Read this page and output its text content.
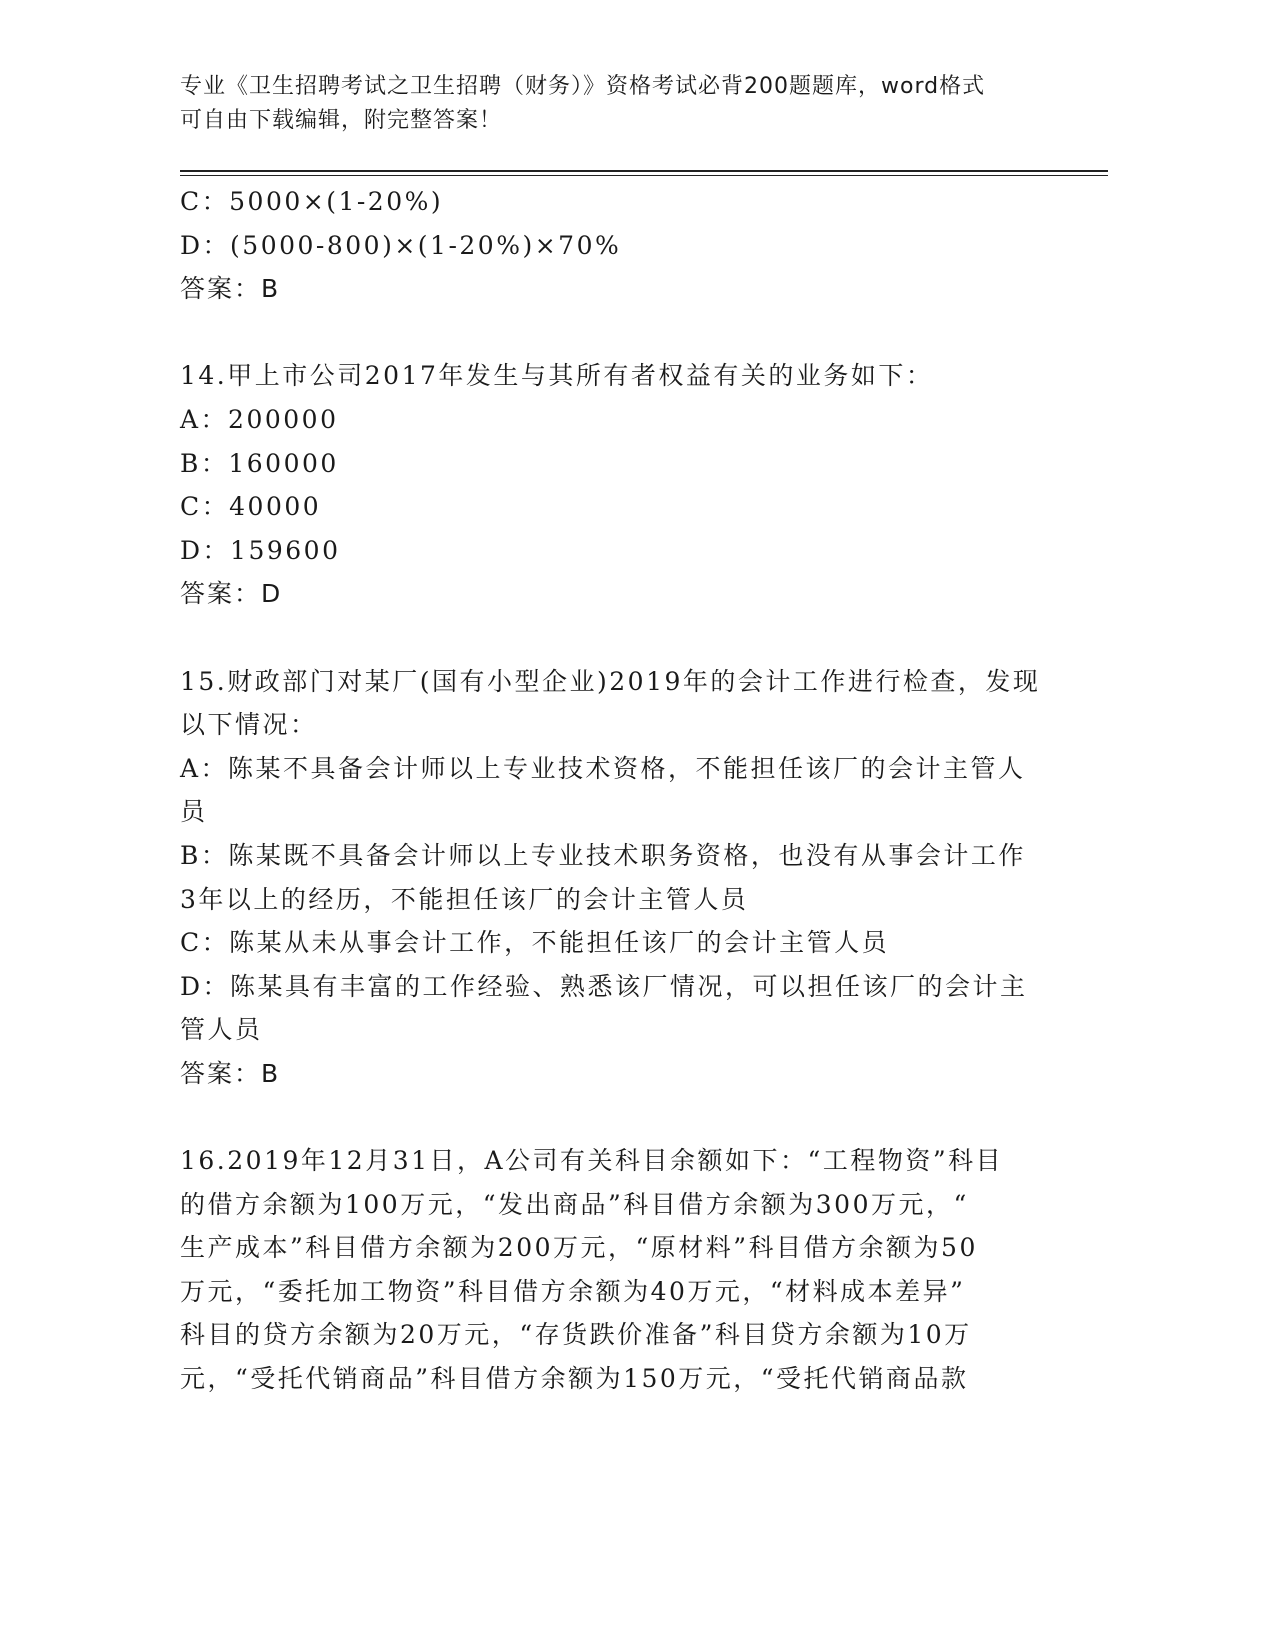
专业《卫生招聘考试之卫生招聘（财务）》资格考试必背200题题库，word格式
可自由下载编辑，附完整答案！
C：5000×(1-20%)
D：(5000-800)×(1-20%)×70%
答案：B
14.甲上市公司2017年发生与其所有者权益有关的业务如下：
A：200000
B：160000
C：40000
D：159600
答案：D
15.财政部门对某厂(国有小型企业)2019年的会计工作进行检查，发现
以下情况：
A：陈某不具备会计师以上专业技术资格，不能担任该厂的会计主管人
员
B：陈某既不具备会计师以上专业技术职务资格，也没有从事会计工作
3年以上的经历，不能担任该厂的会计主管人员
C：陈某从未从事会计工作，不能担任该厂的会计主管人员
D：陈某具有丰富的工作经验、熟悉该厂情况，可以担任该厂的会计主
管人员
答案：B
16.2019年12月31日，A公司有关科目余额如下：“工程物资”科目
的借方余额为100万元，“发出商品”科目借方余额为300万元，“
生产成本”科目借方余额为200万元，“原材料”科目借方余额为50
万元，“委托加工物资”科目借方余额为40万元，“材料成本差异”
科目的贷方余额为20万元，“存货跌价准备”科目贷方余额为10万
元，“受托代销商品”科目借方余额为150万元，“受托代销商品款
